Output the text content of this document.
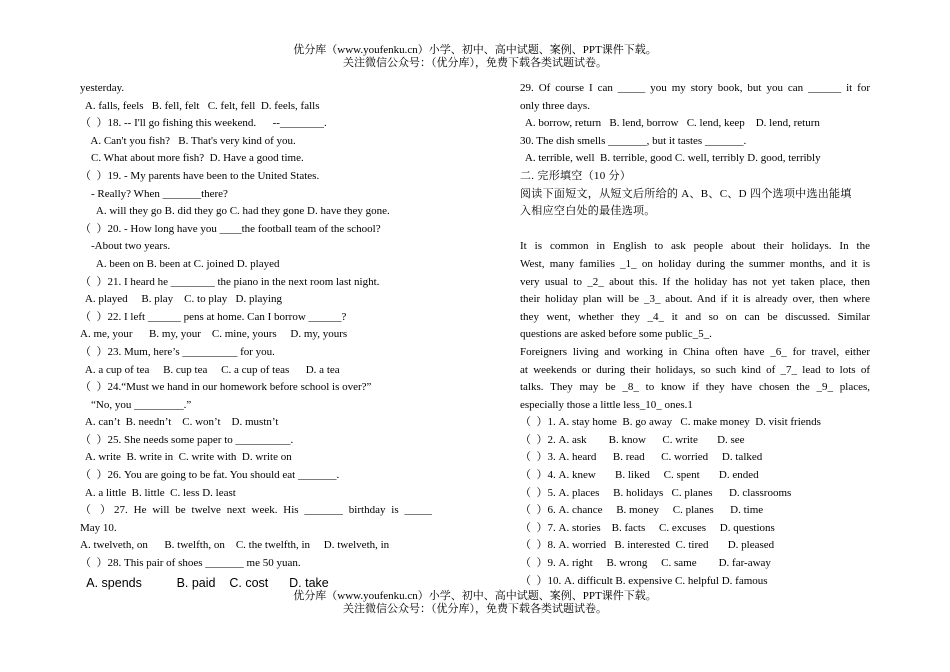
优分库（www.youfenku.cn）小学、初中、高中试题、案例、PPT课件下载。
关注微信公众号：（优分库），免费下载各类试题试卷。
yesterday.
A. falls, feels   B. fell, felt   C. felt, fell  D. feels, falls
（  ）18. -- I'll go fishing this weekend.      --________.
A. Can't you fish?   B. That's very kind of you.
C. What about more fish?  D. Have a good time.
（  ）19. - My parents have been to the United States.
- Really? When _______there?
A. will they go B. did they go C. had they gone D. have they gone.
（  ）20. - How long have you ____the football team of the school?
-About two years.
A. been on B. been at C. joined D. played
（  ）21. I heard he ________ the piano in the next room last night.
A. played     B. play    C. to play   D. playing
（  ）22. I left ______ pens at home. Can I borrow ______?
A. me, your      B. my, your    C. mine, yours     D. my, yours
（  ）23. Mum, here’s __________ for you.
A. a cup of tea     B. cup tea     C. a cup of teas      D. a tea
（  ）24.“Must we hand in our homework before school is over?”
“No, you _________.”
A. can’t  B. needn’t    C. won’t    D. mustn’t
（  ）25. She needs some paper to __________.
A. write  B. write in  C. write with  D. write on
（  ）26. You are going to be fat. You should eat _______.
A. a little  B. little  C. less D. least
（ ）27. He will be twelve next week. His _______ birthday is _____
May 10.
A. twelveth, on      B. twelfth, on    C. the twelfth, in     D. twelveth, in
（  ）28. This pair of shoes _______ me 50 yuan.
A. spends          B. paid    C. cost      D. take
29. Of course I can _____ you my story book, but you can ______ it for
only three days.
A. borrow, return   B. lend, borrow   C. lend, keep    D. lend, return
30. The dish smells _______, but it tastes _______.
A. terrible, well  B. terrible, good C. well, terribly D. good, terribly
二. 完形填空（10 分）
阅读下面短文，从短文后所给的 A、B、C、D 四个选项中选出能填
入相应空白处的最佳选项。
It is common in English to ask people about their holidays. In the
West, many families _1_ on holiday during the summer months, and it is
very usual to _2_ about this. If the holiday has not yet taken place, then
their holiday plan will be _3_ about. And if it is already over, then where
they went, whether they _4_ it and so on can be discussed. Similar
questions are asked before some public_5_.
Foreigners living and working in China often have _6_ for travel, either
at weekends or during their holidays, so such kind of _7_ lead to lots of
talks. They may be _8_ to know if they have chosen the _9_ places,
especially those a little less_10_ ones.1
（  ）1. A. stay home  B. go away   C. make money  D. visit friends
（  ）2. A. ask        B. know      C. write       D. see
（  ）3. A. heard      B. read      C. worried     D. talked
（  ）4. A. knew       B. liked     C. spent       D. ended
（  ）5. A. places     B. holidays   C. planes      D. classrooms
（  ）6. A. chance     B. money     C. planes      D. time
（  ）7. A. stories    B. facts     C. excuses     D. questions
（  ）8. A. worried   B. interested  C. tired       D. pleased
（  ）9. A. right     B. wrong     C. same        D. far-away
（  ）10. A. difficult B. expensive C. helpful D. famous
优分库（www.youfenku.cn）小学、初中、高中试题、案例、PPT课件下载。
关注微信公众号：（优分库），免费下载各类试题试卷。
